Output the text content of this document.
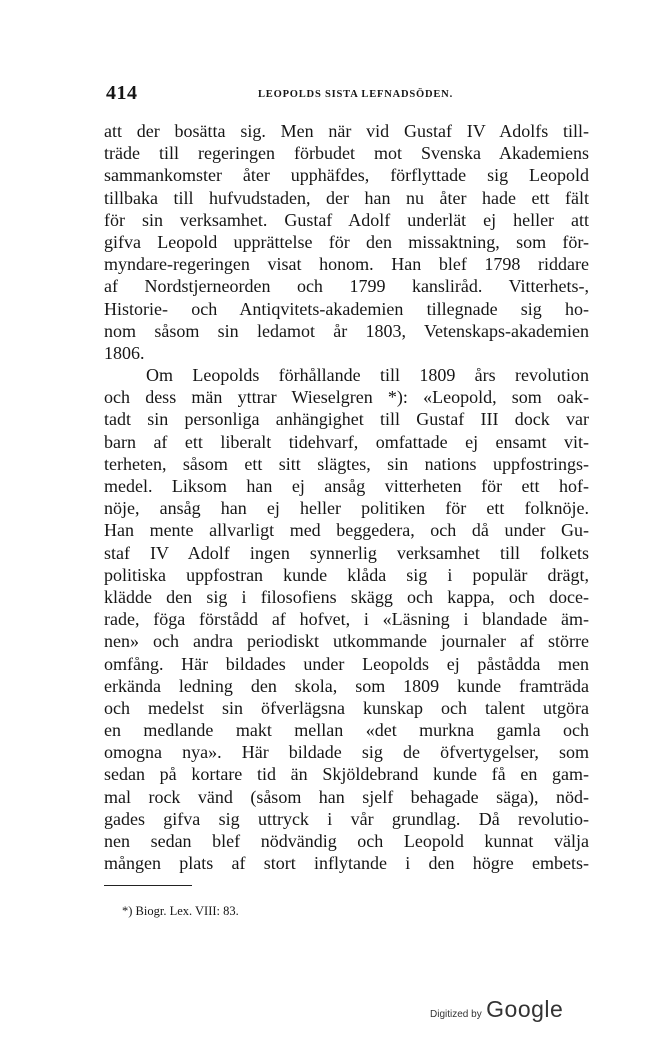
414	LEOPOLDS SISTA LEFNADSÖDEN.
att der bosätta sig. Men när vid Gustaf IV Adolfs till-
träde till regeringen förbudet mot Svenska Akademiens
sammankomster åter upphäfdes, förflyttade sig Leopold
tillbaka till hufvudstaden, der han nu åter hade ett fält
för sin verksamhet. Gustaf Adolf underlät ej heller att
gifva Leopold upprättelse för den missaktning, som för-
myndare-regeringen visat honom. Han blef 1798 riddare
af Nordstjerneorden och 1799 kansliråd. Vitterhets-,
Historie- och Antiqvitets-akademien tillegnade sig ho-
nom såsom sin ledamot år 1803, Vetenskaps-akademien
1806.
Om Leopolds förhållande till 1809 års revolution
och dess män yttrar Wieselgren *): «Leopold, som oak-
tadt sin personliga anhängighet till Gustaf III dock var
barn af ett liberalt tidehvarf, omfattade ej ensamt vit-
terheten, såsom ett sitt slägtes, sin nations uppfostrings-
medel. Liksom han ej ansåg vitterheten för ett hof-
nöje, ansåg han ej heller politiken för ett folknöje.
Han mente allvarligt med beggedera, och då under Gu-
staf IV Adolf ingen synnerlig verksamhet till folkets
politiska uppfostran kunde klåda sig i populär drägt,
klädde den sig i filosofiens skägg och kappa, och doce-
rade, föga förstådd af hofvet, i «Läsning i blandade äm-
nen» och andra periodiskt utkommande journaler af större
omfång. Här bildades under Leopolds ej påstådda men
erkända ledning den skola, som 1809 kunde framträda
och medelst sin öfverlägsna kunskap och talent utgöra
en medlande makt mellan «det murkna gamla och
omogna nya». Här bildade sig de öfvertygelser, som
sedan på kortare tid än Skjöldebrand kunde få en gam-
mal rock vänd (såsom han sjelf behagade säga), nöd-
gades gifva sig uttryck i vår grundlag. Då revolutio-
nen sedan blef nödvändig och Leopold kunnat välja
mången plats af stort inflytande i den högre embets-
*) Biogr. Lex. VIII: 83.
Digitized by Google
